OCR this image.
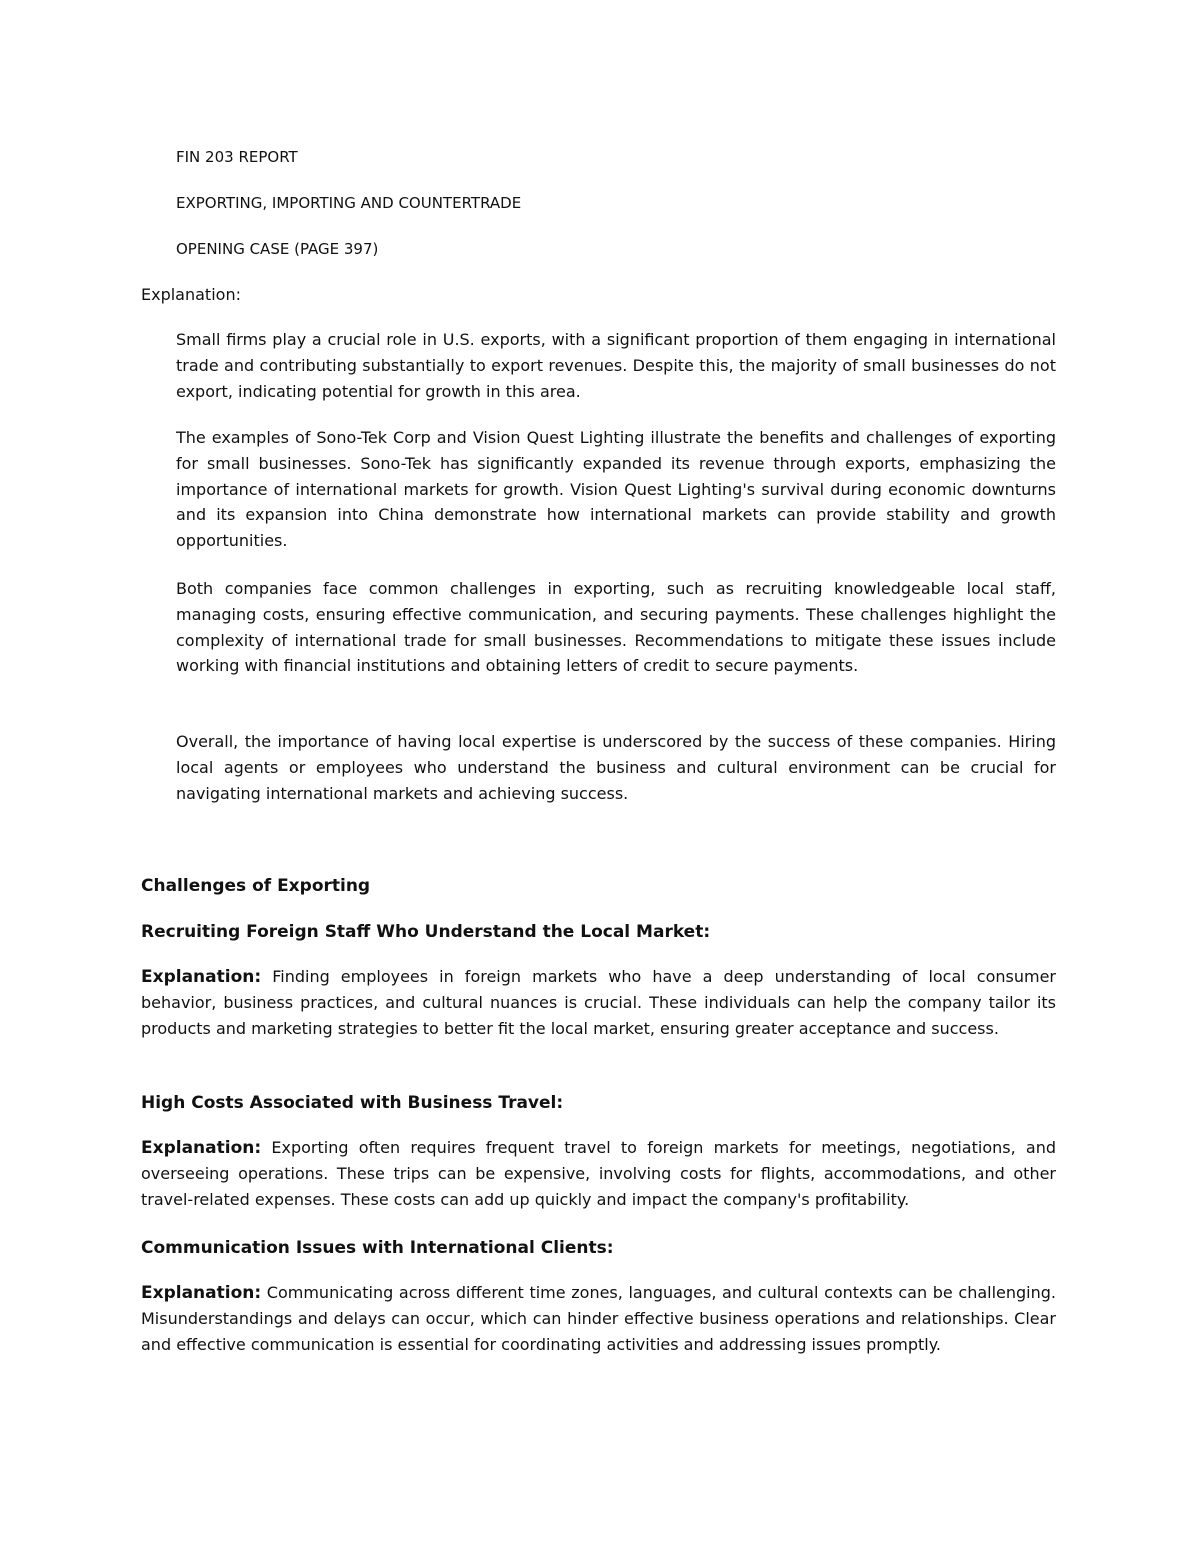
FIN 203 REPORT
EXPORTING, IMPORTING AND COUNTERTRADE
OPENING CASE (PAGE 397)
Explanation:

Small firms play a crucial role in U.S. exports, with a significant proportion of them engaging in international trade and contributing substantially to export revenues. Despite this, the majority of small businesses do not export, indicating potential for growth in this area.

The examples of Sono-Tek Corp and Vision Quest Lighting illustrate the benefits and challenges of exporting for small businesses. Sono-Tek has significantly expanded its revenue through exports, emphasizing the importance of international markets for growth. Vision Quest Lighting's survival during economic downturns and its expansion into China demonstrate how international markets can provide stability and growth opportunities.

Both companies face common challenges in exporting, such as recruiting knowledgeable local staff, managing costs, ensuring effective communication, and securing payments. These challenges highlight the complexity of international trade for small businesses. Recommendations to mitigate these issues include working with financial institutions and obtaining letters of credit to secure payments.

Overall, the importance of having local expertise is underscored by the success of these companies. Hiring local agents or employees who understand the business and cultural environment can be crucial for navigating international markets and achieving success.

Challenges of Exporting
Recruiting Foreign Staff Who Understand the Local Market:

Explanation: Finding employees in foreign markets who have a deep understanding of local consumer behavior, business practices, and cultural nuances is crucial. These individuals can help the company tailor its products and marketing strategies to better fit the local market, ensuring greater acceptance and success.

High Costs Associated with Business Travel:

Explanation: Exporting often requires frequent travel to foreign markets for meetings, negotiations, and overseeing operations. These trips can be expensive, involving costs for flights, accommodations, and other travel-related expenses. These costs can add up quickly and impact the company's profitability.

Communication Issues with International Clients:

Explanation: Communicating across different time zones, languages, and cultural contexts can be challenging. Misunderstandings and delays can occur, which can hinder effective business operations and relationships. Clear and effective communication is essential for coordinating activities and addressing issues promptly.
